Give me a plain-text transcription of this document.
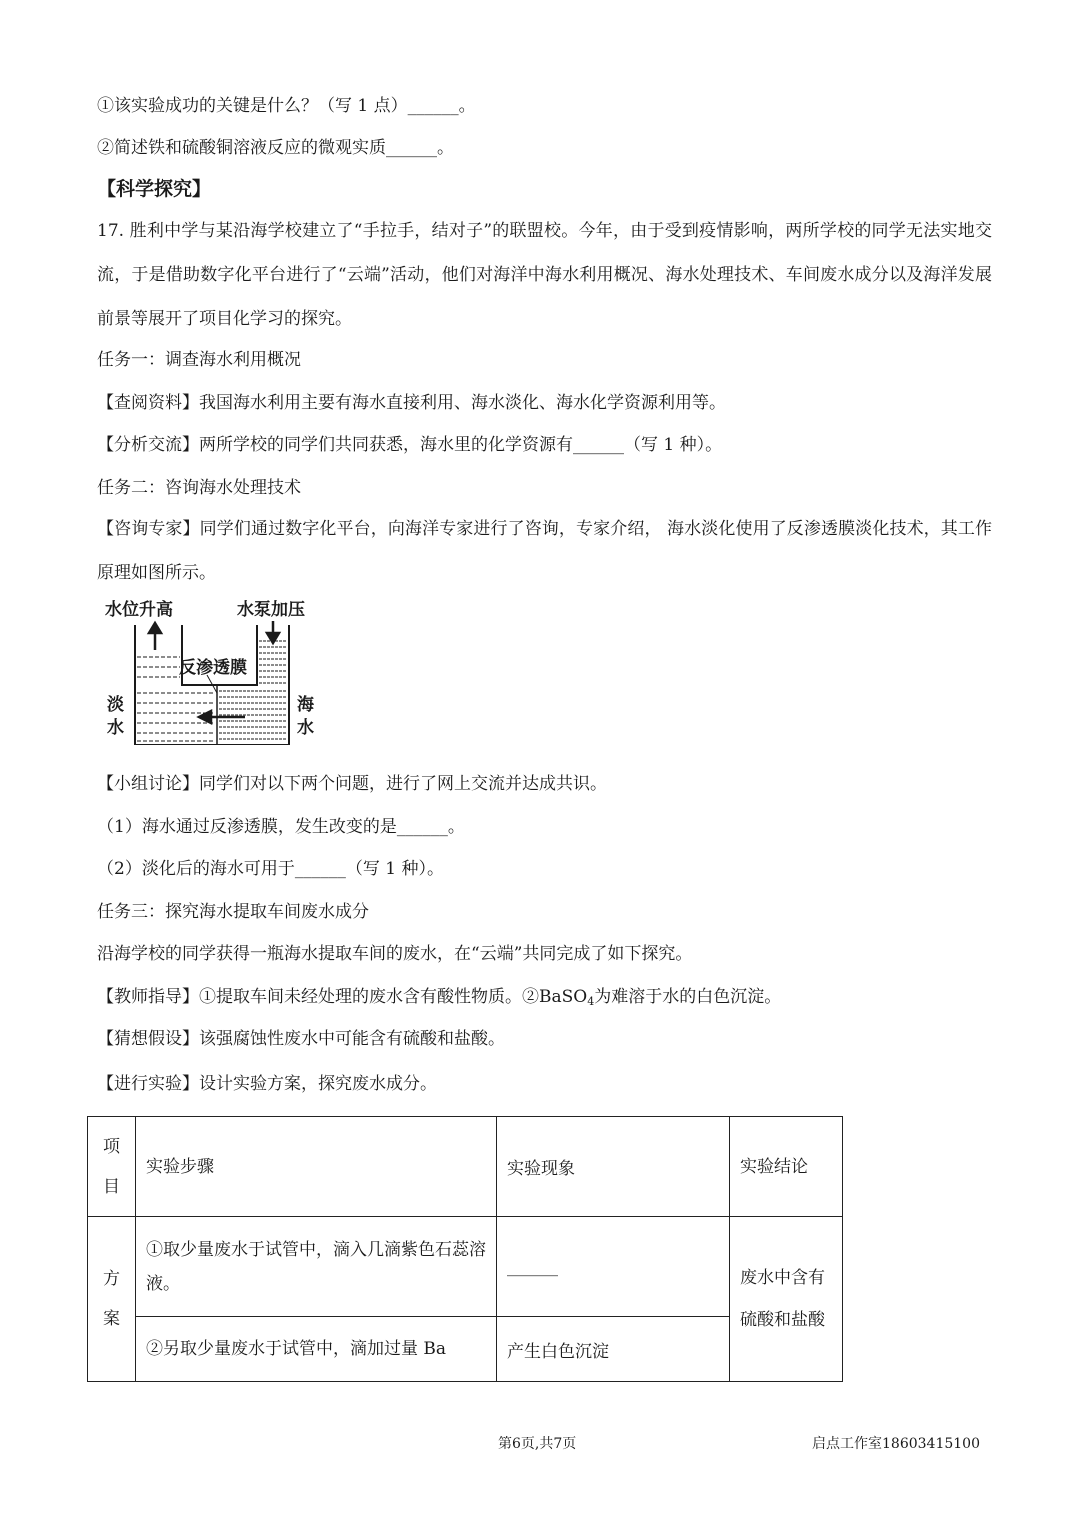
①该实验成功的关键是什么？（写 1 点）______。
②简述铁和硫酸铜溶液反应的微观实质______。
【科学探究】
17. 胜利中学与某沿海学校建立了“手拉手，结对子”的联盟校。今年，由于受到疫情影响，两所学校的同学无法实地交流，于是借助数字化平台进行了“云端”活动，他们对海洋中海水利用概况、海水处理技术、车间废水成分以及海洋发展前景等展开了项目化学习的探究。
任务一：调查海水利用概况
【查阅资料】我国海水利用主要有海水直接利用、海水淡化、海水化学资源利用等。
【分析交流】两所学校的同学们共同获悉，海水里的化学资源有______（写 1 种）。
任务二：咨询海水处理技术
【咨询专家】同学们通过数字化平台，向海洋专家进行了咨询，专家介绍， 海水淡化使用了反渗透膜淡化技术，其工作原理如图所示。
水位升高	水泵加压
反渗透膜
淡
水
海
水
【小组讨论】同学们对以下两个问题，进行了网上交流并达成共识。
（1）海水通过反渗透膜，发生改变的是______。
（2）淡化后的海水可用于______（写 1 种）。
任务三：探究海水提取车间废水成分
沿海学校的同学获得一瓶海水提取车间的废水，在“云端”共同完成了如下探究。
【教师指导】①提取车间未经处理的废水含有酸性物质。②BaSO$_4$为难溶于水的白色沉淀。
【猜想假设】该强腐蚀性废水中可能含有硫酸和盐酸。
【进行实验】设计实验方案，探究废水成分。
项
目	实验步骤	实验现象	实验结论
方
案	①取少量废水于试管中，滴入几滴紫色石蕊溶液。	______	废水中含有硫酸和盐酸
	②另取少量废水于试管中，滴加过量 Ba	产生白色沉淀	
第6页,共7页	启点工作室18603415100
